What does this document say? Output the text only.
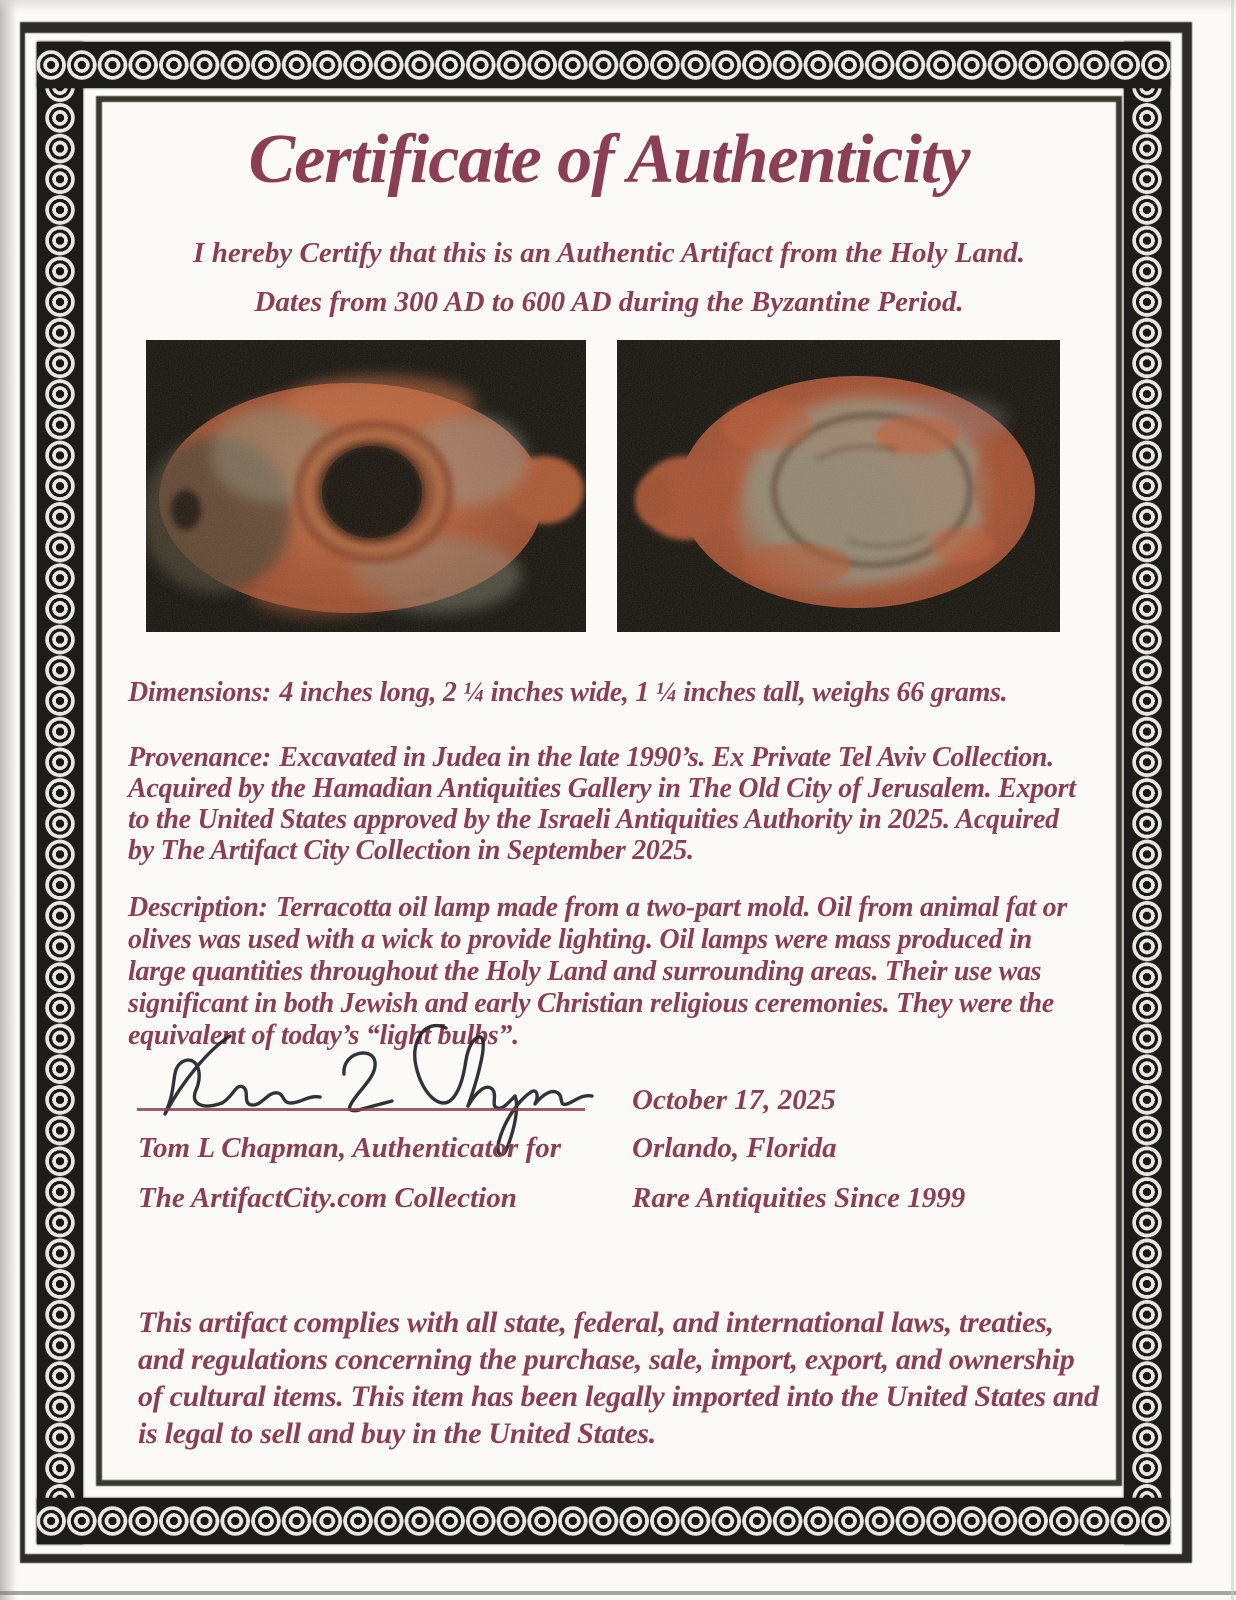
Certificate of Authenticity
I hereby Certify that this is an Authentic Artifact from the Holy Land.
Dates from 300 AD to 600 AD during the Byzantine Period.

Dimensions: 4 inches long, 2 ¼ inches wide, 1 ¼ inches tall, weighs 66 grams.

Provenance: Excavated in Judea in the late 1990’s. Ex Private Tel Aviv Collection. Acquired by the Hamadian Antiquities Gallery in The Old City of Jerusalem. Export to the United States approved by the Israeli Antiquities Authority in 2025. Acquired by The Artifact City Collection in September 2025.

Description: Terracotta oil lamp made from a two-part mold. Oil from animal fat or olives was used with a wick to provide lighting. Oil lamps were mass produced in large quantities throughout the Holy Land and surrounding areas. Their use was significant in both Jewish and early Christian religious ceremonies. They were the equivalent of today’s “light bulbs”.

October 17, 2025
Tom L Chapman, Authenticator for Orlando, Florida
The ArtifactCity.com Collection	Rare Antiquities Since 1999

This artifact complies with all state, federal, and international laws, treaties, and regulations concerning the purchase, sale, import, export, and ownership of cultural items. This item has been legally imported into the United States and is legal to sell and buy in the United States.
